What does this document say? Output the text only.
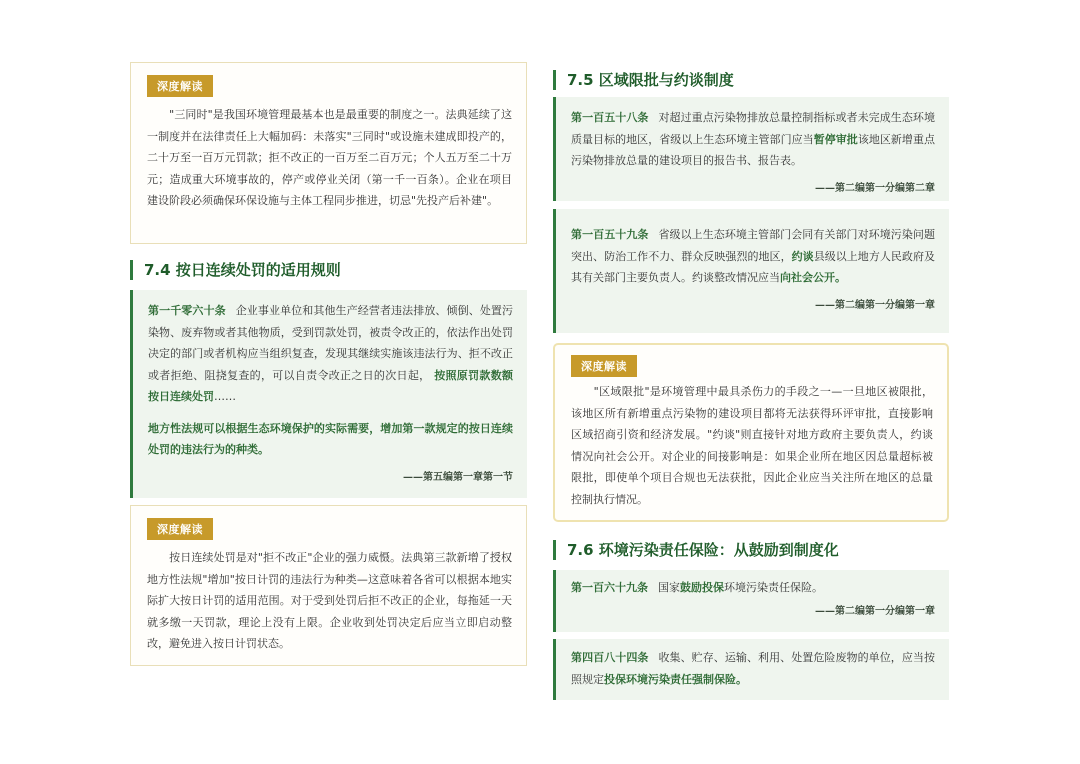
深度解读
　　"三同时"是我国环境管理最基本也是最重要的制度之一。法典延续了这一制度并在法律责任上大幅加码：未落实"三同时"或设施未建成即投产的，二十万至一百万元罚款；拒不改正的一百万至二百万元；个人五万至二十万元；造成重大环境事故的，停产或停业关闭（第一千一百条）。企业在项目建设阶段必须确保环保设施与主体工程同步推进，切忌"先投产后补建"。
7.4 按日连续处罚的适用规则
第一千零六十条 企业事业单位和其他生产经营者违法排放、倾倒、处置污染物、废弃物或者其他物质，受到罚款处罚，被责令改正的，依法作出处罚决定的部门或者机构应当组织复查，发现其继续实施该违法行为、拒不改正或者拒绝、阻挠复查的，可以自责令改正之日的次日起， 按照原罚款数额按日连续处罚……
地方性法规可以根据生态环境保护的实际需要，增加第一款规定的按日连续处罚的违法行为的种类。
——第五编第一章第一节
深度解读
　　按日连续处罚是对"拒不改正"企业的强力威慑。法典第三款新增了授权地方性法规"增加"按日计罚的违法行为种类—这意味着各省可以根据本地实际扩大按日计罚的适用范围。对于受到处罚后拒不改正的企业，每拖延一天就多缴一天罚款，理论上没有上限。企业收到处罚决定后应当立即启动整改，避免进入按日计罚状态。
7.5 区域限批与约谈制度
第一百五十八条 对超过重点污染物排放总量控制指标或者未完成生态环境质量目标的地区，省级以上生态环境主管部门应当暂停审批该地区新增重点污染物排放总量的建设项目的报告书、报告表。
——第二编第一分编第二章
第一百五十九条 省级以上生态环境主管部门会同有关部门对环境污染问题突出、防治工作不力、群众反映强烈的地区，约谈县级以上地方人民政府及其有关部门主要负责人。约谈整改情况应当向社会公开。
——第二编第一分编第一章
深度解读
　　"区域限批"是环境管理中最具杀伤力的手段之一—一旦地区被限批，该地区所有新增重点污染物的建设项目都将无法获得环评审批，直接影响区域招商引资和经济发展。"约谈"则直接针对地方政府主要负责人，约谈情况向社会公开。对企业的间接影响是：如果企业所在地区因总量超标被限批，即使单个项目合规也无法获批，因此企业应当关注所在地区的总量控制执行情况。
7.6 环境污染责任保险：从鼓励到制度化
第一百六十九条 国家鼓励投保环境污染责任保险。
——第二编第一分编第一章
第四百八十四条 收集、贮存、运输、利用、处置危险废物的单位，应当按照规定投保环境污染责任强制保险。
